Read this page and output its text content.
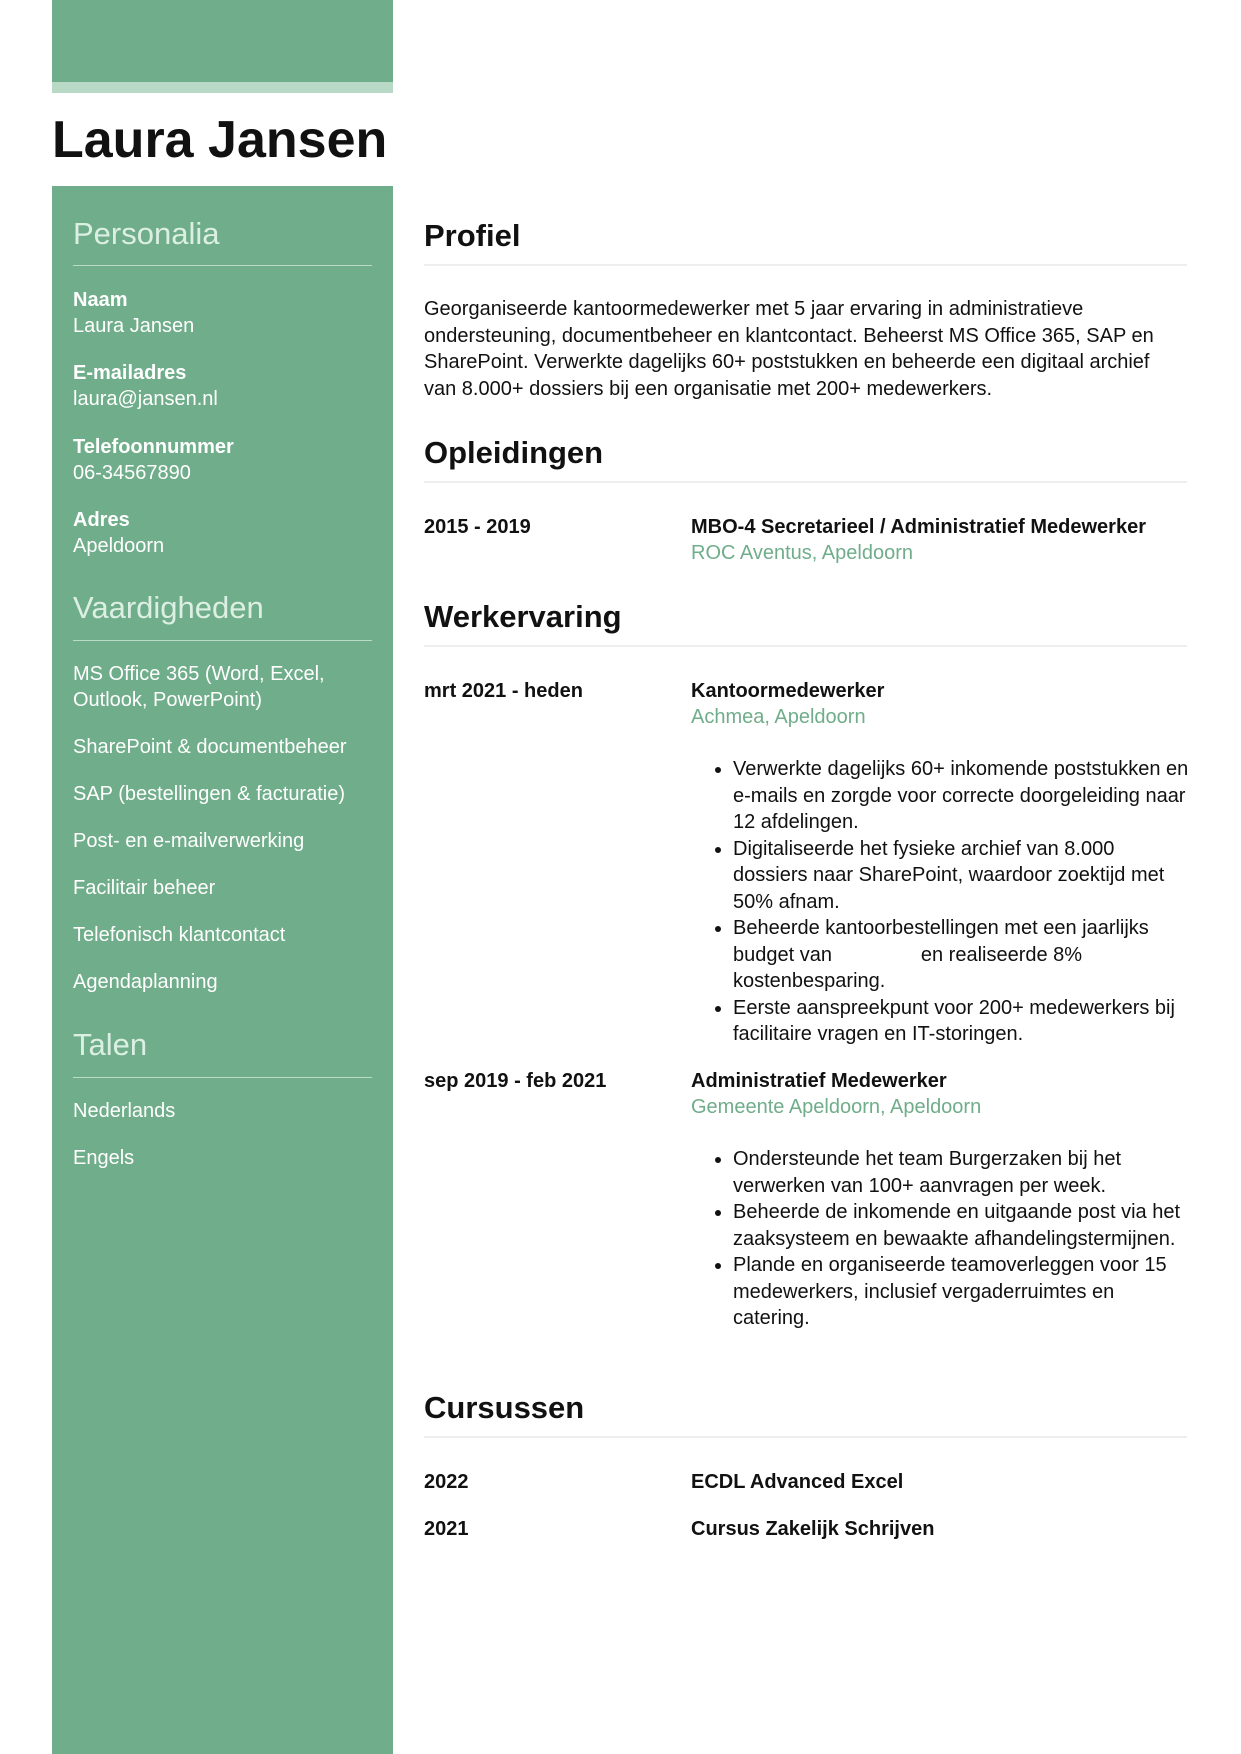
Laura Jansen
Personalia
Naam
Laura Jansen
E-mailadres
laura@jansen.nl
Telefoonnummer
06-34567890
Adres
Apeldoorn
Vaardigheden
MS Office 365 (Word, Excel, Outlook, PowerPoint)
SharePoint & documentbeheer
SAP (bestellingen & facturatie)
Post- en e-mailverwerking
Facilitair beheer
Telefonisch klantcontact
Agendaplanning
Talen
Nederlands
Engels
Profiel

Georganiseerde kantoormedewerker met 5 jaar ervaring in administratieve ondersteuning, documentbeheer en klantcontact. Beheerst MS Office 365, SAP en SharePoint. Verwerkte dagelijks 60+ poststukken en beheerde een digitaal archief van 8.000+ dossiers bij een organisatie met 200+ medewerkers.

Opleidingen
2015 - 2019	MBO-4 Secretarieel / Administratief Medewerker
ROC Aventus, Apeldoorn
Werkervaring
mrt 2021 - heden	Kantoormedewerker
Achmea, Apeldoorn
• Verwerkte dagelijks 60+ inkomende poststukken en e-mails en zorgde voor correcte doorgeleiding naar 12 afdelingen.
• Digitaliseerde het fysieke archief van 8.000 dossiers naar SharePoint, waardoor zoektijd met 50% afnam.
• Beheerde kantoorbestellingen met een jaarlijks budget van                en realiseerde 8% kostenbesparing.
• Eerste aanspreekpunt voor 200+ medewerkers bij facilitaire vragen en IT-storingen.
sep 2019 - feb 2021	Administratief Medewerker
Gemeente Apeldoorn, Apeldoorn
• Ondersteunde het team Burgerzaken bij het verwerken van 100+ aanvragen per week.
• Beheerde de inkomende en uitgaande post via het zaaksysteem en bewaakte afhandelingstermijnen.
• Plande en organiseerde teamoverleggen voor 15 medewerkers, inclusief vergaderruimtes en catering.
Cursussen
2022	ECDL Advanced Excel
2021	Cursus Zakelijk Schrijven
